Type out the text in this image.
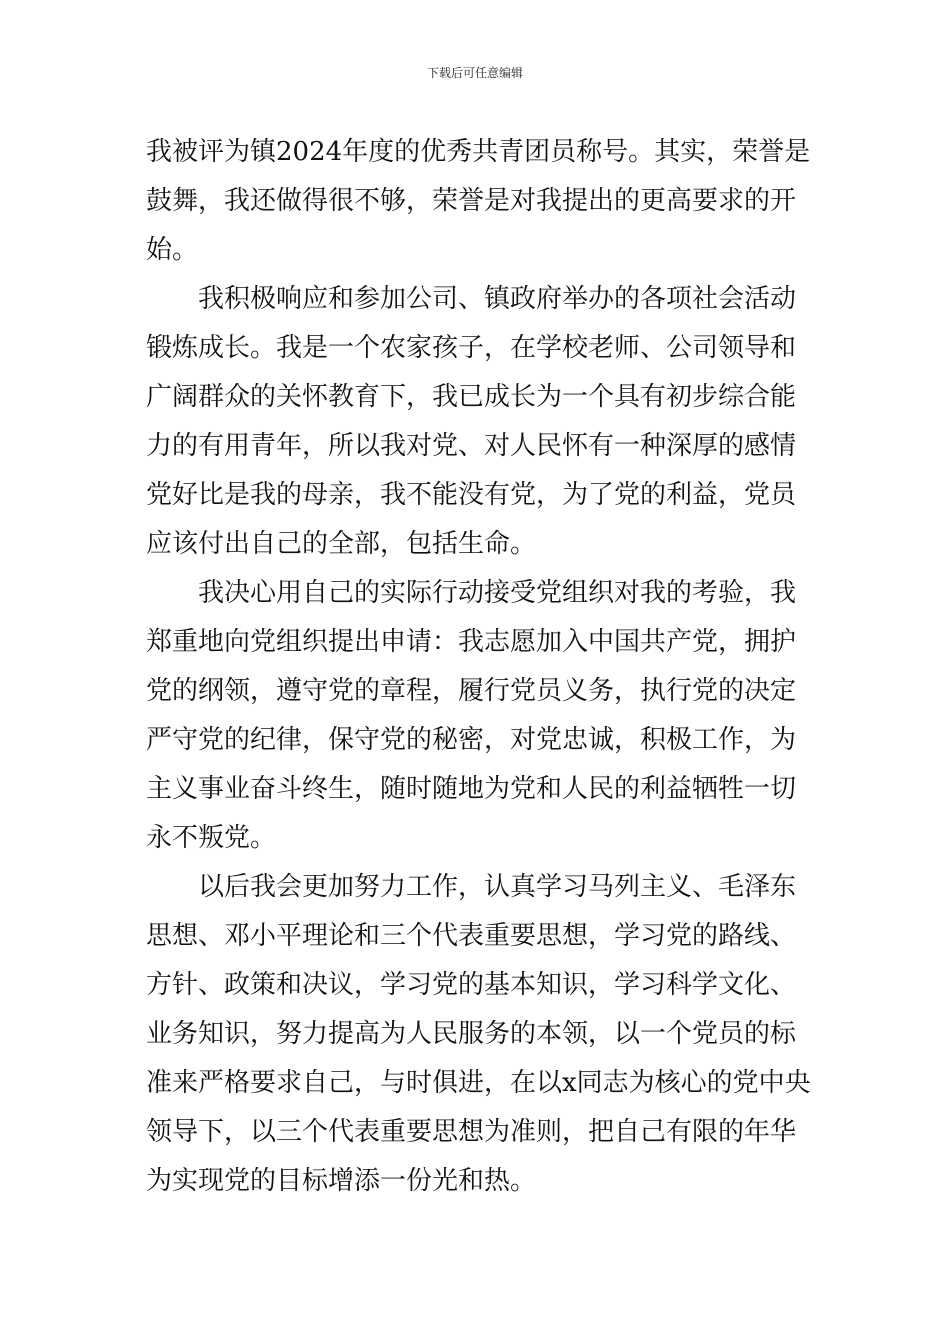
下载后可任意编辑
我被评为镇2024年度的优秀共青团员称号。其实，荣誉是
鼓舞，我还做得很不够，荣誉是对我提出的更高要求的开
始。
我积极响应和参加公司、镇政府举办的各项社会活动
锻炼成长。我是一个农家孩子，在学校老师、公司领导和
广阔群众的关怀教育下，我已成长为一个具有初步综合能
力的有用青年，所以我对党、对人民怀有一种深厚的感情
党好比是我的母亲，我不能没有党，为了党的利益，党员
应该付出自己的全部，包括生命。
我决心用自己的实际行动接受党组织对我的考验，我
郑重地向党组织提出申请：我志愿加入中国共产党，拥护
党的纲领，遵守党的章程，履行党员义务，执行党的决定
严守党的纪律，保守党的秘密，对党忠诚，积极工作，为
主义事业奋斗终生，随时随地为党和人民的利益牺牲一切
永不叛党。
以后我会更加努力工作，认真学习马列主义、毛泽东
思想、邓小平理论和三个代表重要思想，学习党的路线、
方针、政策和决议，学习党的基本知识，学习科学文化、
业务知识，努力提高为人民服务的本领，以一个党员的标
准来严格要求自己，与时俱进，在以x同志为核心的党中央
领导下，以三个代表重要思想为准则，把自己有限的年华
为实现党的目标增添一份光和热。
